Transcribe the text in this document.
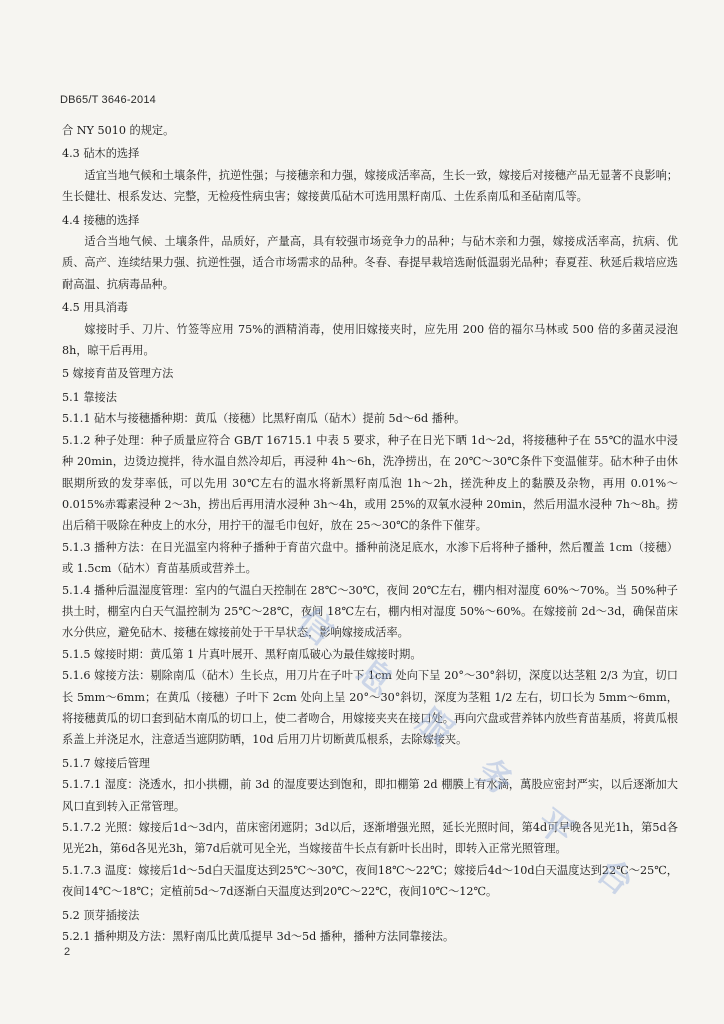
DB65/T 3646-2014

合 NY 5010 的规定。

4.3 砧木的选择

适宜当地气候和土壤条件，抗逆性强；与接穗亲和力强，嫁接成活率高，生长一致，嫁接后对接穗产品无显著不良影响；生长健壮、根系发达、完整，无检疫性病虫害；嫁接黄瓜砧木可选用黑籽南瓜、土佐系南瓜和圣砧南瓜等。

4.4 接穗的选择

适合当地气候、土壤条件，品质好，产量高，具有较强市场竞争力的品种；与砧木亲和力强，嫁接成活率高，抗病、优质、高产、连续结果力强、抗逆性强，适合市场需求的品种。冬春、春提早栽培选耐低温弱光品种；春夏茬、秋延后栽培应选耐高温、抗病毒品种。

4.5 用具消毒

嫁接时手、刀片、竹签等应用 75%的酒精消毒，使用旧嫁接夹时，应先用 200 倍的福尔马林或 500 倍的多菌灵浸泡 8h，晾干后再用。

5 嫁接育苗及管理方法

5.1 靠接法

5.1.1 砧木与接穗播种期：黄瓜（接穗）比黑籽南瓜（砧木）提前 5d～6d 播种。

5.1.2 种子处理：种子质量应符合 GB/T 16715.1 中表 5 要求，种子在日光下晒 1d～2d，将接穗种子在 55℃的温水中浸种 20min，边烫边搅拌，待水温自然冷却后，再浸种 4h～6h，洗净捞出，在 20℃～30℃条件下变温催芽。砧木种子由休眠期所致的发芽率低，可以先用 30℃左右的温水将新黑籽南瓜泡 1h～2h，搓洗种皮上的黏膜及杂物，再用 0.01%～0.015%赤霉素浸种 2～3h，捞出后再用清水浸种 3h～4h，或用 25%的双氧水浸种 20min，然后用温水浸种 7h～8h。捞出后稍干吸除在种皮上的水分，用拧干的湿毛巾包好，放在 25～30℃的条件下催芽。

5.1.3 播种方法：在日光温室内将种子播种于育苗穴盘中。播种前浇足底水，水渗下后将种子播种，然后覆盖 1cm（接穗）或 1.5cm（砧木）育苗基质或营养土。

5.1.4 播种后温湿度管理：室内的气温白天控制在 28℃～30℃，夜间 20℃左右，棚内相对湿度 60%～70%。当 50%种子拱土时，棚室内白天气温控制为 25℃～28℃，夜间 18℃左右，棚内相对湿度 50%～60%。在嫁接前 2d～3d，确保苗床水分供应，避免砧木、接穗在嫁接前处于干旱状态，影响嫁接成活率。

5.1.5 嫁接时期：黄瓜第 1 片真叶展开、黑籽南瓜破心为最佳嫁接时期。

5.1.6 嫁接方法：剔除南瓜（砧木）生长点，用刀片在子叶下 1cm 处向下呈 20°～30°斜切，深度以达茎粗 2/3 为宜，切口长 5mm～6mm；在黄瓜（接穗）子叶下 2cm 处向上呈 20°～30°斜切，深度为茎粗 1/2 左右，切口长为 5mm～6mm，将接穗黄瓜的切口套到砧木南瓜的切口上，使二者吻合，用嫁接夹夹在接口处。再向穴盘或营养钵内放些育苗基质，将黄瓜根系盖上并浇足水，注意适当遮阴防晒，10d 后用刀片切断黄瓜根系，去除嫁接夹。

5.1.7 嫁接后管理

5.1.7.1 湿度：浇透水，扣小拱棚，前 3d 的湿度要达到饱和，即扣棚第 2d 棚膜上有水滴，萬股应密封严实，以后逐渐加大风口直到转入正常管理。

5.1.7.2 光照：嫁接后1d～3d内，苗床密闭遮阴；3d以后，逐渐增强光照，延长光照时间，第4d可早晚各见光1h，第5d各见光2h，第6d各见光3h，第7d后就可见全光，当嫁接苗牛长点有新叶长出时，即转入正常光照管理。

5.1.7.3 温度：嫁接后1d～5d白天温度达到25℃～30℃，夜间18℃～22℃；嫁接后4d～10d白天温度达到22℃～25℃，夜间14℃～18℃；定植前5d～7d逐渐白天温度达到20℃～22℃，夜间10℃～12℃。

5.2 顶芽插接法

5.2.1 播种期及方法：黑籽南瓜比黄瓜提早 3d～5d 播种，播种方法同靠接法。

信
息
服
务
平
台
2
